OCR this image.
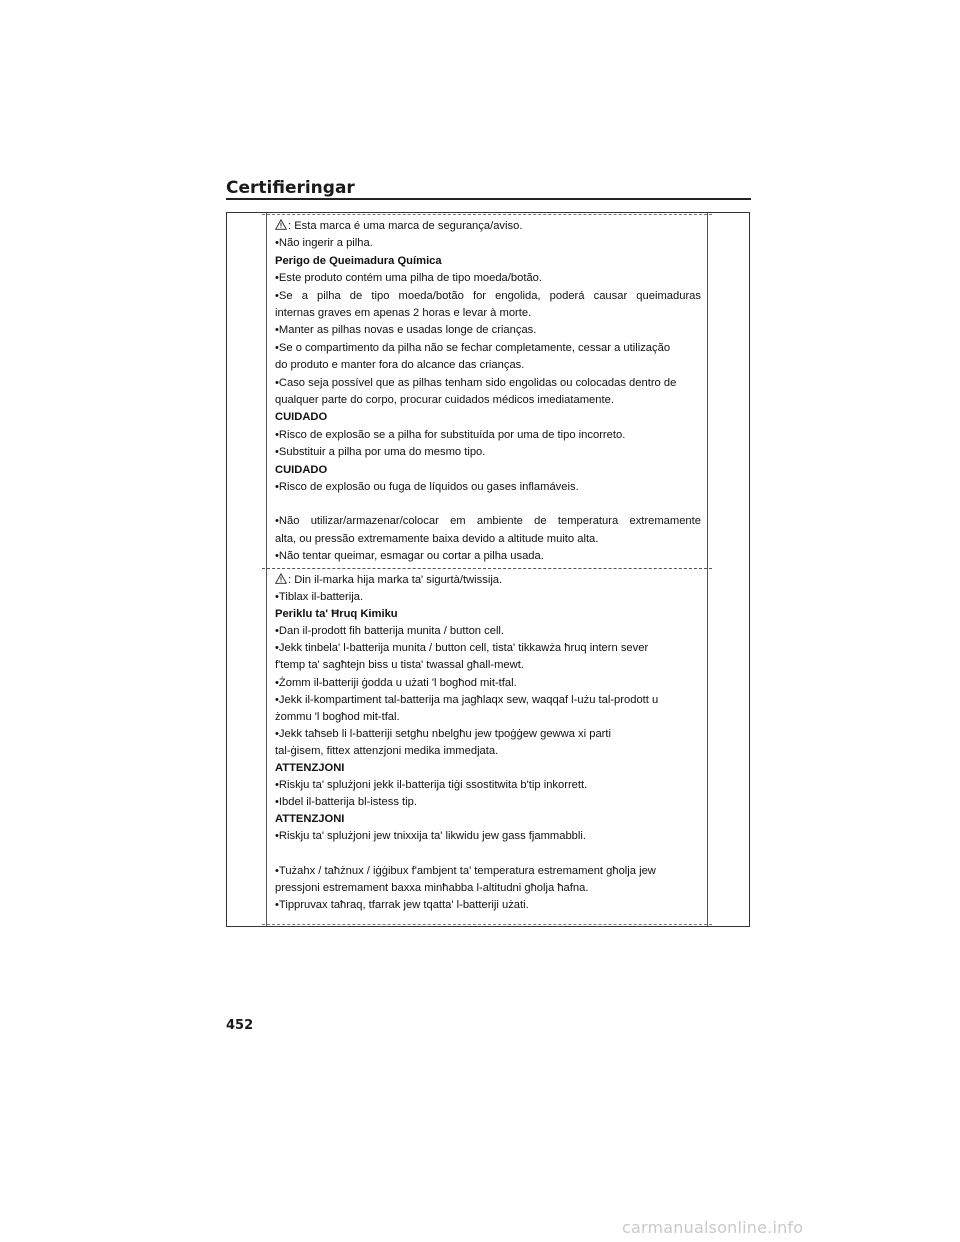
Certifieringar
: Esta marca é uma marca de segurança/aviso.
•Não ingerir a pilha.
Perigo de Queimadura Química
•Este produto contém uma pilha de tipo moeda/botão.
•Se a pilha de tipo moeda/botão for engolida, poderá causar queimaduras
internas graves em apenas 2 horas e levar à morte.
•Manter as pilhas novas e usadas longe de crianças.
•Se o compartimento da pilha não se fechar completamente, cessar a utilização
do produto e manter fora do alcance das crianças.
•Caso seja possível que as pilhas tenham sido engolidas ou colocadas dentro de
qualquer parte do corpo, procurar cuidados médicos imediatamente.
CUIDADO
•Risco de explosão se a pilha for substituída por uma de tipo incorreto.
•Substituir a pilha por uma do mesmo tipo.
CUIDADO
•Risco de explosão ou fuga de líquidos ou gases inflamáveis.
•Não utilizar/armazenar/colocar em ambiente de temperatura extremamente
alta, ou pressão extremamente baixa devido a altitude muito alta.
•Não tentar queimar, esmagar ou cortar a pilha usada.
: Din il-marka hija marka ta' sigurtà/twissija.
•Tiblax il-batterija.
Periklu ta' Ħruq Kimiku
•Dan il-prodott fih batterija munita / button cell.
•Jekk tinbela' l-batterija munita / button cell, tista' tikkawża ħruq intern sever
f'temp ta' sagħtejn biss u tista' twassal għall-mewt.
•Żomm il-batteriji ġodda u użati 'l bogħod mit-tfal.
•Jekk il-kompartiment tal-batterija ma jagħlaqx sew, waqqaf l-użu tal-prodott u
żommu 'l bogħod mit-tfal.
•Jekk taħseb li l-batteriji setgħu nbelgħu jew tpoġġew gewwa xi parti
tal-ġisem, fittex attenzjoni medika immedjata.
ATTENZJONI
•Riskju ta' splużjoni jekk il-batterija tiġi ssostitwita b'tip inkorrett.
•Ibdel il-batterija bl-istess tip.
ATTENZJONI
•Riskju ta' splużjoni jew tnixxija ta' likwidu jew gass fjammabbli.
•Tużahx / taħżnux / iġġibux f'ambjent ta' temperatura estremament għolja jew
pressjoni estremament baxxa minħabba l-altitudni għolja ħafna.
•Tippruvax taħraq, tfarrak jew tqatta' l-batteriji użati.
452
carmanualsonline.info
